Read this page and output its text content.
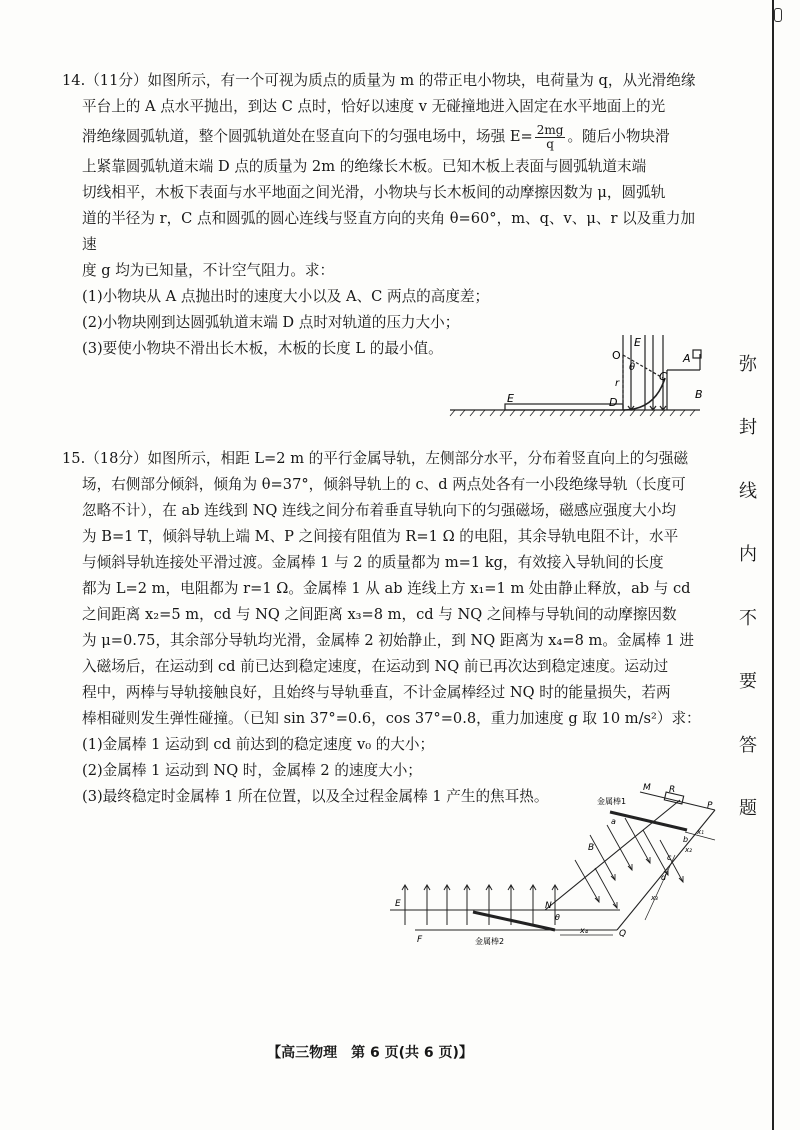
弥
封
线
内
不
要
答
题

14.（11分）如图所示，有一个可视为质点的质量为 m 的带正电小物块，电荷量为 q，从光滑绝缘

平台上的 A 点水平抛出，到达 C 点时，恰好以速度 v 无碰撞地进入固定在水平地面上的光

滑绝缘圆弧轨道，整个圆弧轨道处在竖直向下的匀强电场中，场强 $E= \frac{2mg}{q}$ 。随后小物块滑

上紧靠圆弧轨道末端 D 点的质量为 2m 的绝缘长木板。已知木板上表面与圆弧轨道末端

切线相平，木板下表面与水平地面之间光滑，小物块与长木板间的动摩擦因数为 μ，圆弧轨

道的半径为 r，C 点和圆弧的圆心连线与竖直方向的夹角 θ=60°，m、q、v、μ、r 以及重力加速

度 g 均为已知量，不计空气阻力。求：

(1)小物块从 A 点抛出时的速度大小以及 A、C 两点的高度差；

(2)小物块刚到达圆弧轨道末端 D 点时对轨道的压力大小；

(3)要使小物块不滑出长木板，木板的长度 L 的最小值。	O
E
θ
r
C
A
B
E	D

15.（18分）如图所示，相距 L=2 m 的平行金属导轨，左侧部分水平，分布着竖直向上的匀强磁

场，右侧部分倾斜，倾角为 θ=37°，倾斜导轨上的 c、d 两点处各有一小段绝缘导轨（长度可

忽略不计），在 ab 连线到 NQ 连线之间分布着垂直导轨向下的匀强磁场，磁感应强度大小均

为 B=1 T，倾斜导轨上端 M、P 之间接有阻值为 R=1 Ω 的电阻，其余导轨电阻不计，水平

与倾斜导轨连接处平滑过渡。金属棒 1 与 2 的质量都为 m=1 kg，有效接入导轨间的长度

都为 L=2 m，电阻都为 r=1 Ω。金属棒 1 从 ab 连线上方 x₁=1 m 处由静止释放，ab 与 cd

之间距离 x₂=5 m，cd 与 NQ 之间距离 x₃=8 m，cd 与 NQ 之间棒与导轨间的动摩擦因数

为 μ=0.75，其余部分导轨均光滑，金属棒 2 初始静止，到 NQ 距离为 x₄=8 m。金属棒 1 进

入磁场后，在运动到 cd 前已达到稳定速度，在运动到 NQ 前已再次达到稳定速度。运动过

程中，两棒与导轨接触良好，且始终与导轨垂直，不计金属棒经过 NQ 时的能量损失，若两

棒相碰则发生弹性碰撞。（已知 sin 37°=0.6，cos 37°=0.8，重力加速度 g 取 10 m/s²）求：

(1)金属棒 1 运动到 cd 前达到的稳定速度 v₀ 的大小；

(2)金属棒 1 运动到 NQ 时，金属棒 2 的速度大小；

(3)最终稳定时金属棒 1 所在位置，以及全过程金属棒 1 产生的焦耳热。	金属棒1
金属棒2
M R
P
B
E
F
N
Q
θ
x₄
a
b
c
d
x₁
x₂
x₃
【高三物理　第 6 页(共 6 页)】
